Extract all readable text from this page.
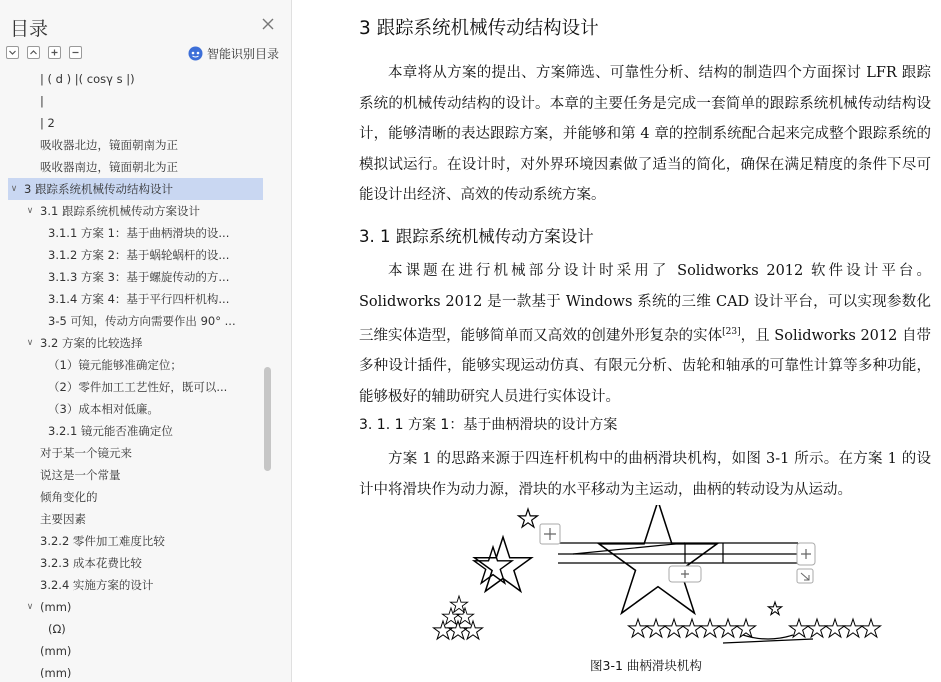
目录
智能识别目录
| ( d ) |( cosγ s |)
|
| 2
吸收器北边，镜面朝南为正
吸收器南边，镜面朝北为正
∨ 3 跟踪系统机械传动结构设计
∨ 3.1 跟踪系统机械传动方案设计
3.1.1 方案 1：基于曲柄滑块的设...
3.1.2 方案 2：基于蜗轮蜗杆的设...
3.1.3 方案 3：基于螺旋传动的方...
3.1.4 方案 4：基于平行四杆机构...
3-5 可知，传动方向需要作出 90° ...
∨ 3.2 方案的比较选择
（1）镜元能够准确定位；
（2）零件加工工艺性好，既可以...
（3）成本相对低廉。
3.2.1 镜元能否准确定位
对于某一个镜元来
说这是一个常量
倾角变化的
主要因素
3.2.2 零件加工难度比较
3.2.3 成本花费比较
3.2.4 实施方案的设计
∨ (mm)
(Ω)
(mm)
(mm)
3 跟踪系统机械传动结构设计
本章将从方案的提出、方案筛选、可靠性分析、结构的制造四个方面探讨 LFR 跟踪系统的机械传动结构的设计。本章的主要任务是完成一套简单的跟踪系统机械传动结构设计，能够清晰的表达跟踪方案，并能够和第 4 章的控制系统配合起来完成整个跟踪系统的模拟试运行。在设计时，对外界环境因素做了适当的简化，确保在满足精度的条件下尽可能设计出经济、高效的传动系统方案。
3. 1 跟踪系统机械传动方案设计
本课题在进行机械部分设计时采用了 Solidworks 2012 软件设计平台。Solidworks 2012 是一款基于 Windows 系统的三维 CAD 设计平台，可以实现参数化三维实体造型，能够简单而又高效的创建外形复杂的实体[23]，且 Solidworks 2012 自带多种设计插件，能够实现运动仿真、有限元分析、齿轮和轴承的可靠性计算等多种功能，能够极好的辅助研究人员进行实体设计。
3. 1. 1 方案 1：基于曲柄滑块的设计方案
方案 1 的思路来源于四连杆机构中的曲柄滑块机构，如图 3-1 所示。在方案 1 的设计中将滑块作为动力源，滑块的水平移动为主运动，曲柄的转动设为从运动。
图3-1 曲柄滑块机构
